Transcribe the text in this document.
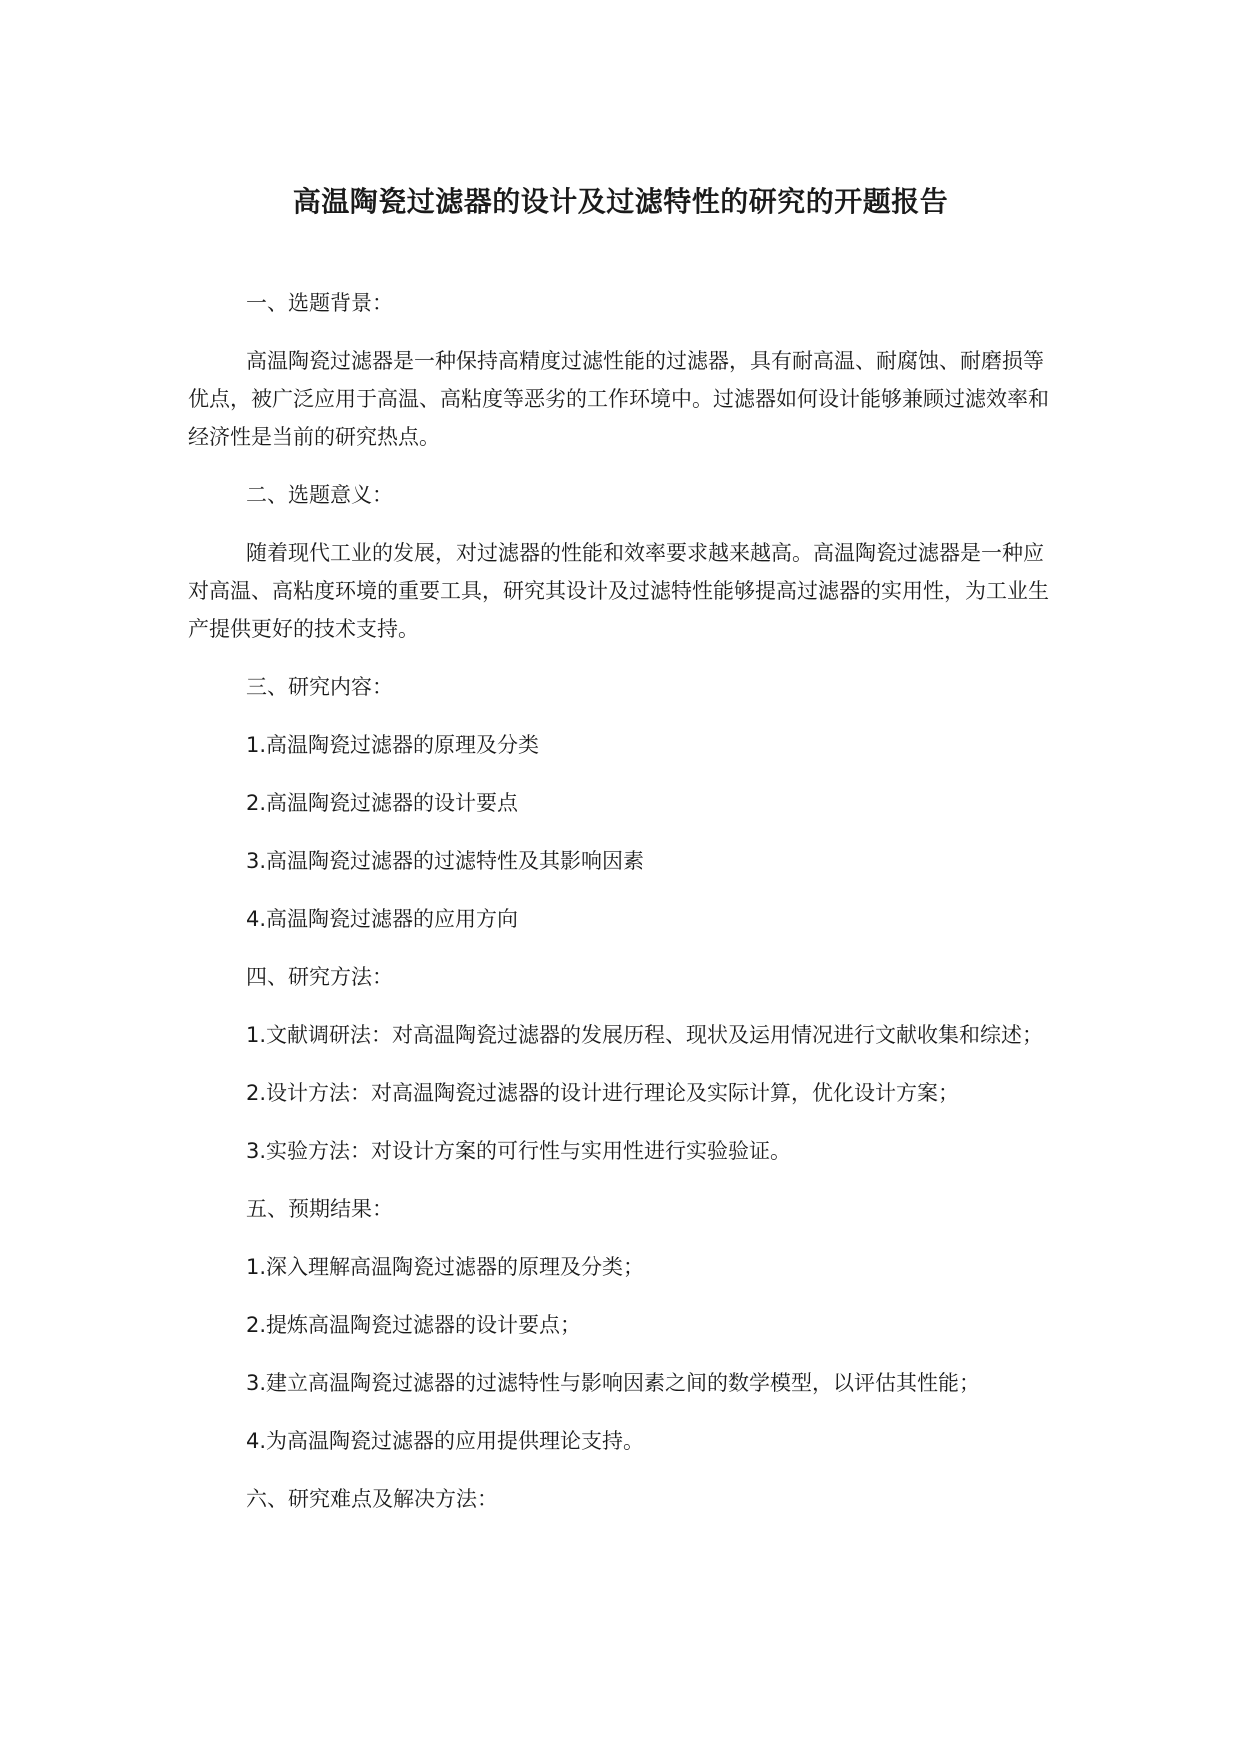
高温陶瓷过滤器的设计及过滤特性的研究的开题报告

一、选题背景：

高温陶瓷过滤器是一种保持高精度过滤性能的过滤器，具有耐高温、耐腐蚀、耐磨损等优点，被广泛应用于高温、高粘度等恶劣的工作环境中。过滤器如何设计能够兼顾过滤效率和经济性是当前的研究热点。

二、选题意义：

随着现代工业的发展，对过滤器的性能和效率要求越来越高。高温陶瓷过滤器是一种应对高温、高粘度环境的重要工具，研究其设计及过滤特性能够提高过滤器的实用性，为工业生产提供更好的技术支持。

三、研究内容：

1.高温陶瓷过滤器的原理及分类

2.高温陶瓷过滤器的设计要点

3.高温陶瓷过滤器的过滤特性及其影响因素

4.高温陶瓷过滤器的应用方向

四、研究方法：

1.文献调研法：对高温陶瓷过滤器的发展历程、现状及运用情况进行文献收集和综述；

2.设计方法：对高温陶瓷过滤器的设计进行理论及实际计算，优化设计方案；

3.实验方法：对设计方案的可行性与实用性进行实验验证。

五、预期结果：

1.深入理解高温陶瓷过滤器的原理及分类；

2.提炼高温陶瓷过滤器的设计要点；

3.建立高温陶瓷过滤器的过滤特性与影响因素之间的数学模型，以评估其性能；

4.为高温陶瓷过滤器的应用提供理论支持。

六、研究难点及解决方法：
